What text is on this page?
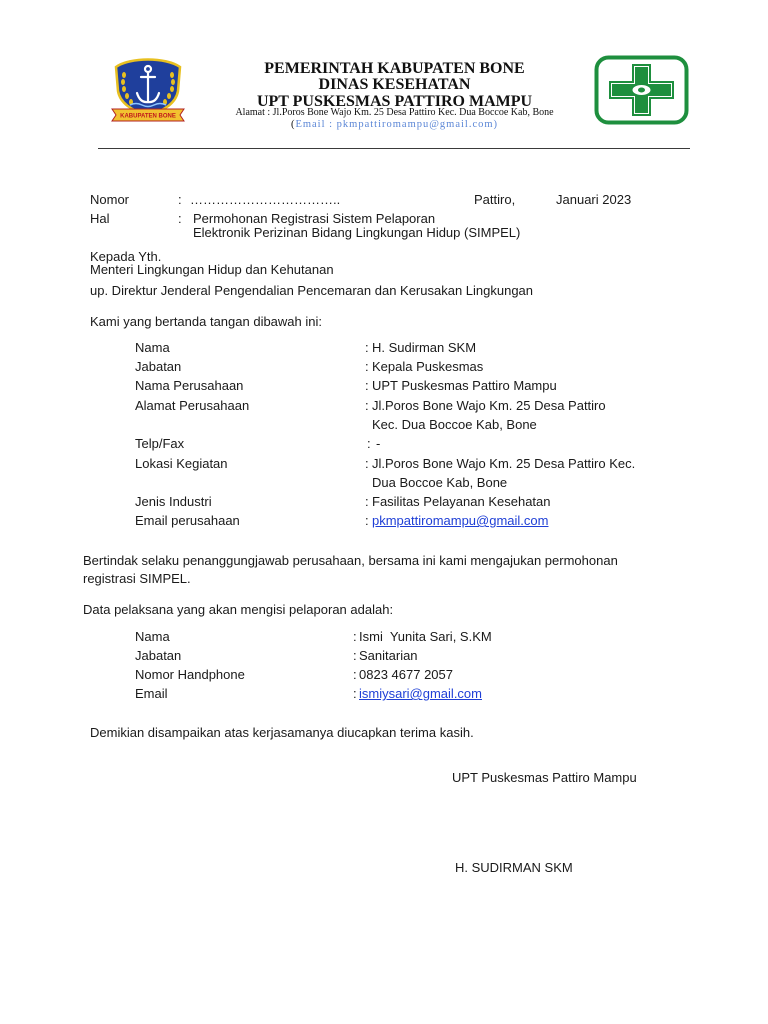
KABUPATEN BONE
PEMERINTAH KABUPATEN BONE
DINAS KESEHATAN
UPT PUSKESMAS PATTIRO MAMPU
Alamat : Jl.Poros Bone Wajo Km. 25 Desa Pattiro Kec. Dua Boccoe Kab, Bone
(Email : pkmpattiromampu@gmail.com)
Nomor	: ……………………………..	Pattiro,	Januari 2023
Hal	: Permohonan Registrasi Sistem Pelaporan
Elektronik Perizinan Bidang Lingkungan Hidup (SIMPEL)
Kepada Yth.
Menteri Lingkungan Hidup dan Kehutanan
up. Direktur Jenderal Pengendalian Pencemaran dan Kerusakan Lingkungan
Kami yang bertanda tangan dibawah ini:
Nama	: H. Sudirman SKM
Jabatan	: Kepala Puskesmas
Nama Perusahaan	: UPT Puskesmas Pattiro Mampu
Alamat Perusahaan	: Jl.Poros Bone Wajo Km. 25 Desa Pattiro
Kec. Dua Boccoe Kab, Bone
Telp/Fax	: -
Lokasi Kegiatan	: Jl.Poros Bone Wajo Km. 25 Desa Pattiro Kec.
Dua Boccoe Kab, Bone
Jenis Industri	: Fasilitas Pelayanan Kesehatan
Email perusahaan	: pkmpattiromampu@gmail.com
Bertindak selaku penanggungjawab perusahaan, bersama ini kami mengajukan permohonan
registrasi SIMPEL.
Data pelaksana yang akan mengisi pelaporan adalah:
Nama	: Ismi  Yunita Sari, S.KM
Jabatan	: Sanitarian
Nomor Handphone	: 0823 4677 2057
Email	: ismiysari@gmail.com
Demikian disampaikan atas kerjasamanya diucapkan terima kasih.
UPT Puskesmas Pattiro Mampu
H. SUDIRMAN SKM
